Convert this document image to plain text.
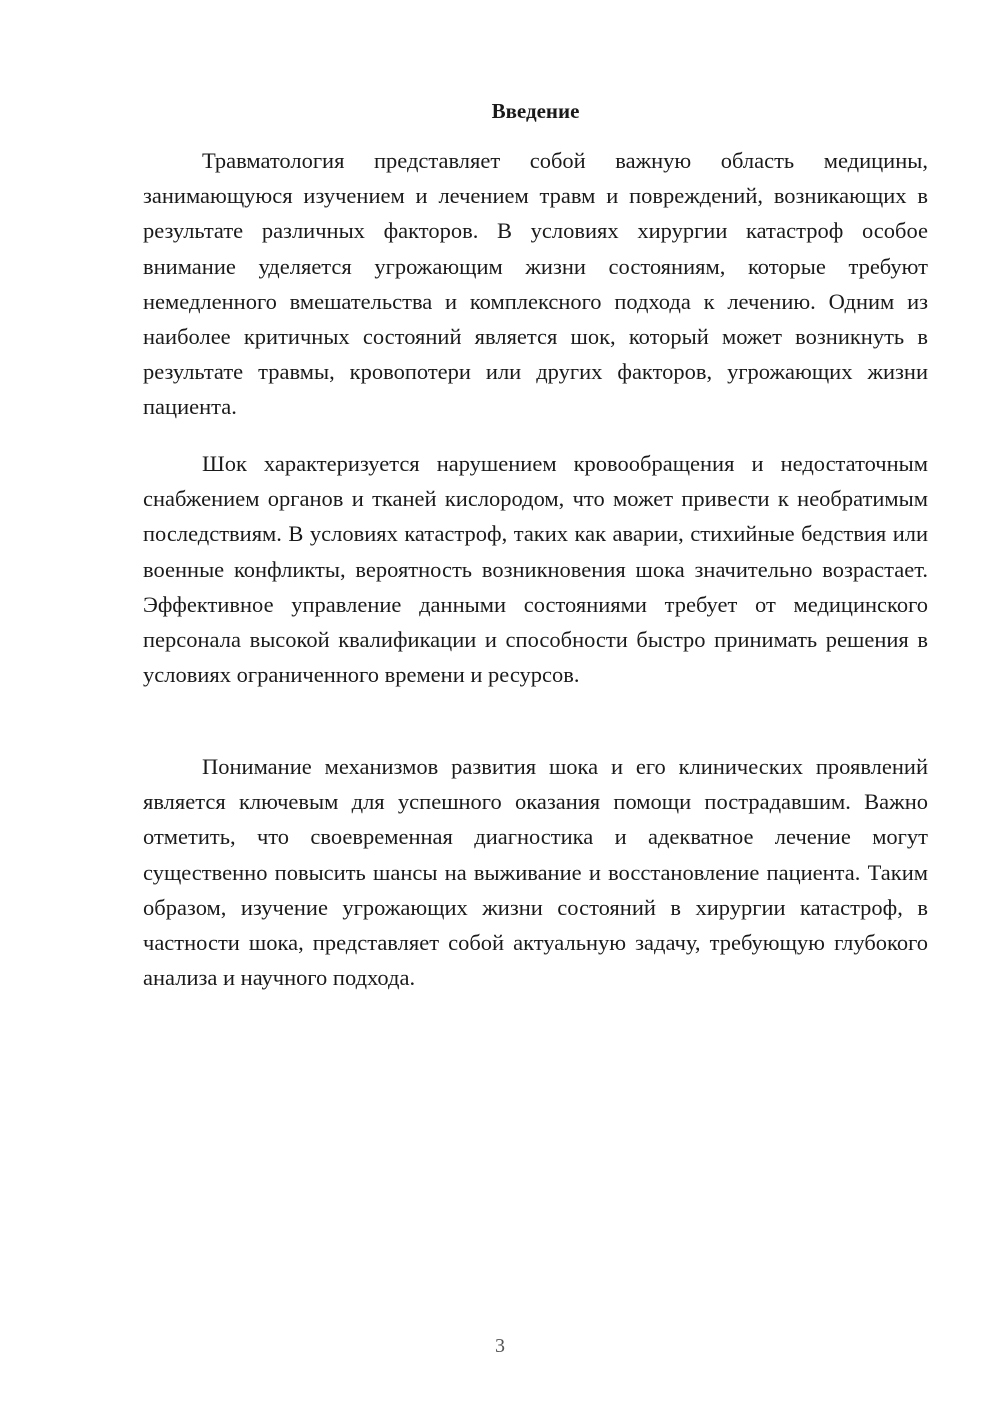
Введение

Травматология представляет собой важную область медицины, занимающуюся изучением и лечением травм и повреждений, возникающих в результате различных факторов. В условиях хирургии катастроф особое внимание уделяется угрожающим жизни состояниям, которые требуют немедленного вмешательства и комплексного подхода к лечению. Одним из наиболее критичных состояний является шок, который может возникнуть в результате травмы, кровопотери или других факторов, угрожающих жизни пациента.

Шок характеризуется нарушением кровообращения и недостаточным снабжением органов и тканей кислородом, что может привести к необратимым последствиям. В условиях катастроф, таких как аварии, стихийные бедствия или военные конфликты, вероятность возникновения шока значительно возрастает. Эффективное управление данными состояниями требует от медицинского персонала высокой квалификации и способности быстро принимать решения в условиях ограниченного времени и ресурсов.

Понимание механизмов развития шока и его клинических проявлений является ключевым для успешного оказания помощи пострадавшим. Важно отметить, что своевременная диагностика и адекватное лечение могут существенно повысить шансы на выживание и восстановление пациента. Таким образом, изучение угрожающих жизни состояний в хирургии катастроф, в частности шока, представляет собой актуальную задачу, требующую глубокого анализа и научного подхода.

3
